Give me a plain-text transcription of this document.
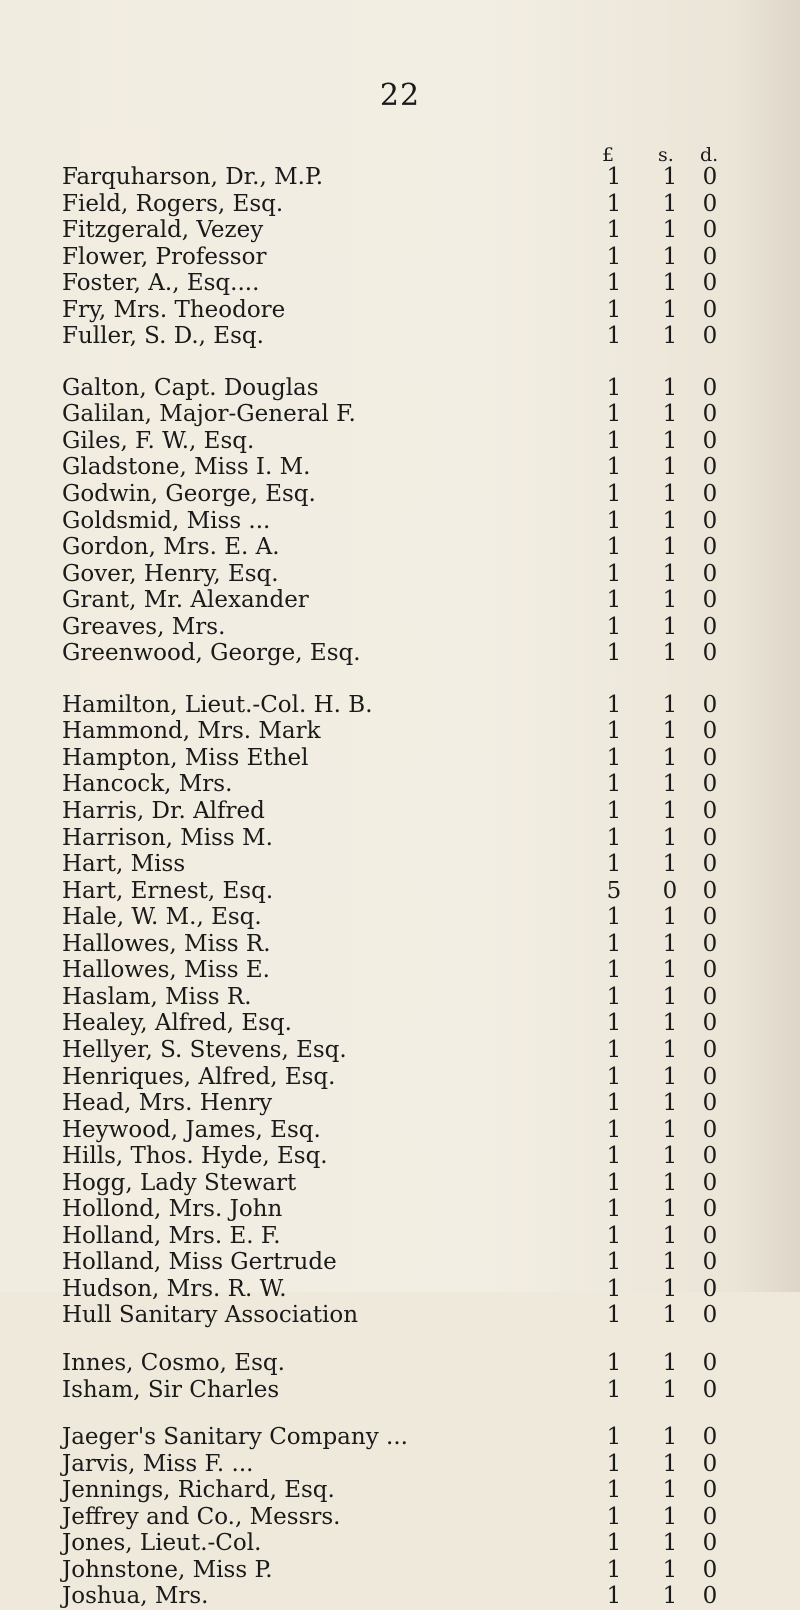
22
£ s. d.
Farquharson, Dr., M.P.	1 1 0
Field, Rogers, Esq.	1 1 0
Fitzgerald, Vezey	1 1 0
Flower, Professor	1 1 0
Foster, A., Esq....	1 1 0
Fry, Mrs. Theodore	1 1 0
Fuller, S. D., Esq.	1 1 0
Galton, Capt. Douglas	1 1 0
Galilan, Major-General F.	1 1 0
Giles, F. W., Esq.	1 1 0
Gladstone, Miss I. M.	1 1 0
Godwin, George, Esq.	1 1 0
Goldsmid, Miss ...	1 1 0
Gordon, Mrs. E. A.	1 1 0
Gover, Henry, Esq.	1 1 0
Grant, Mr. Alexander	1 1 0
Greaves, Mrs.	1 1 0
Greenwood, George, Esq.	1 1 0
Hamilton, Lieut.-Col. H. B.	1 1 0
Hammond, Mrs. Mark	1 1 0
Hampton, Miss Ethel	1 1 0
Hancock, Mrs.	1 1 0
Harris, Dr. Alfred	1 1 0
Harrison, Miss M.	1 1 0
Hart, Miss	1 1 0
Hart, Ernest, Esq.	5 0 0
Hale, W. M., Esq.	1 1 0
Hallowes, Miss R.	1 1 0
Hallowes, Miss E.	1 1 0
Haslam, Miss R.	1 1 0
Healey, Alfred, Esq.	1 1 0
Hellyer, S. Stevens, Esq.	1 1 0
Henriques, Alfred, Esq.	1 1 0
Head, Mrs. Henry	1 1 0
Heywood, James, Esq.	1 1 0
Hills, Thos. Hyde, Esq.	1 1 0
Hogg, Lady Stewart	1 1 0
Hollond, Mrs. John	1 1 0
Holland, Mrs. E. F.	1 1 0
Holland, Miss Gertrude	1 1 0
Hudson, Mrs. R. W.	1 1 0
Hull Sanitary Association	1 1 0
Innes, Cosmo, Esq.	1 1 0
Isham, Sir Charles	1 1 0
Jaeger's Sanitary Company ...	1 1 0
Jarvis, Miss F. ...	1 1 0
Jennings, Richard, Esq.	1 1 0
Jeffrey and Co., Messrs.	1 1 0
Jones, Lieut.-Col.	1 1 0
Johnstone, Miss P.	1 1 0
Joshua, Mrs.	1 1 0
